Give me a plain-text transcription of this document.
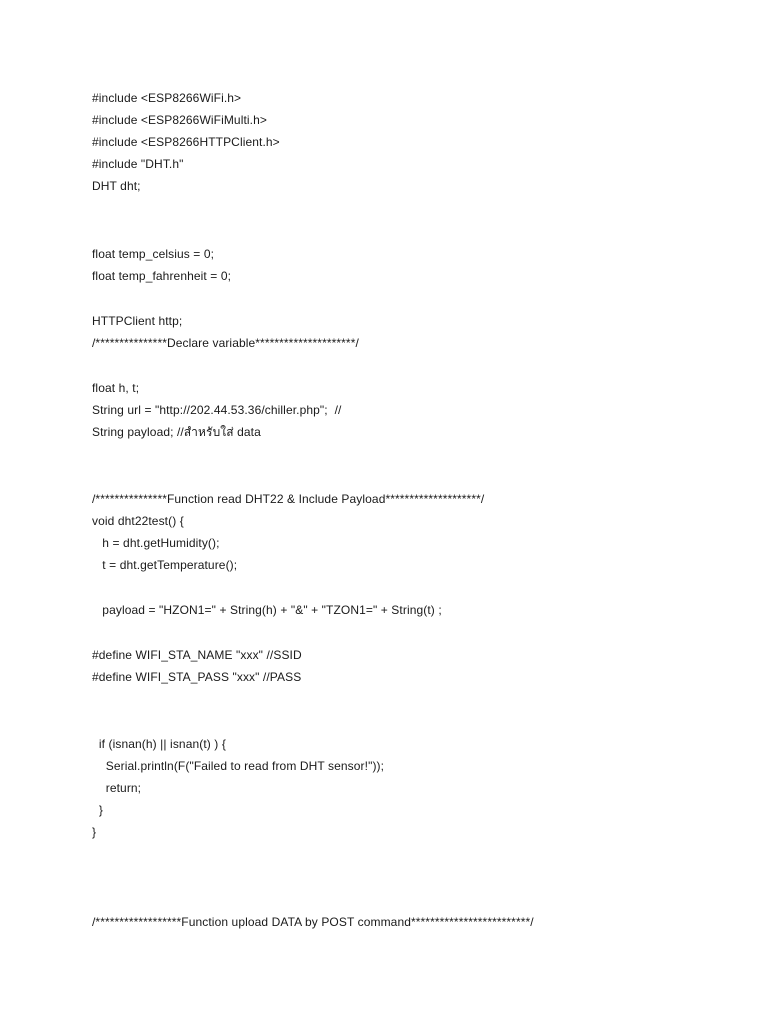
#include <ESP8266WiFi.h>
#include <ESP8266WiFiMulti.h>
#include <ESP8266HTTPClient.h>
#include "DHT.h"
DHT dht;
float temp_celsius = 0;
float temp_fahrenheit = 0;
HTTPClient http;
/***************Declare variable*********************/
float h, t;
String url = "http://202.44.53.36/chiller.php";  //
String payload; //สำหรับใส่ data
/***************Function read DHT22 & Include Payload********************/
void dht22test() {
h = dht.getHumidity();
t = dht.getTemperature();
payload = "HZON1=" + String(h) + "&" + "TZON1=" + String(t) ;
#define WIFI_STA_NAME "xxx" //SSID
#define WIFI_STA_PASS "xxx" //PASS
if (isnan(h) || isnan(t) ) {
Serial.println(F("Failed to read from DHT sensor!"));
return;
}
}
/******************Function upload DATA by POST command*************************/
